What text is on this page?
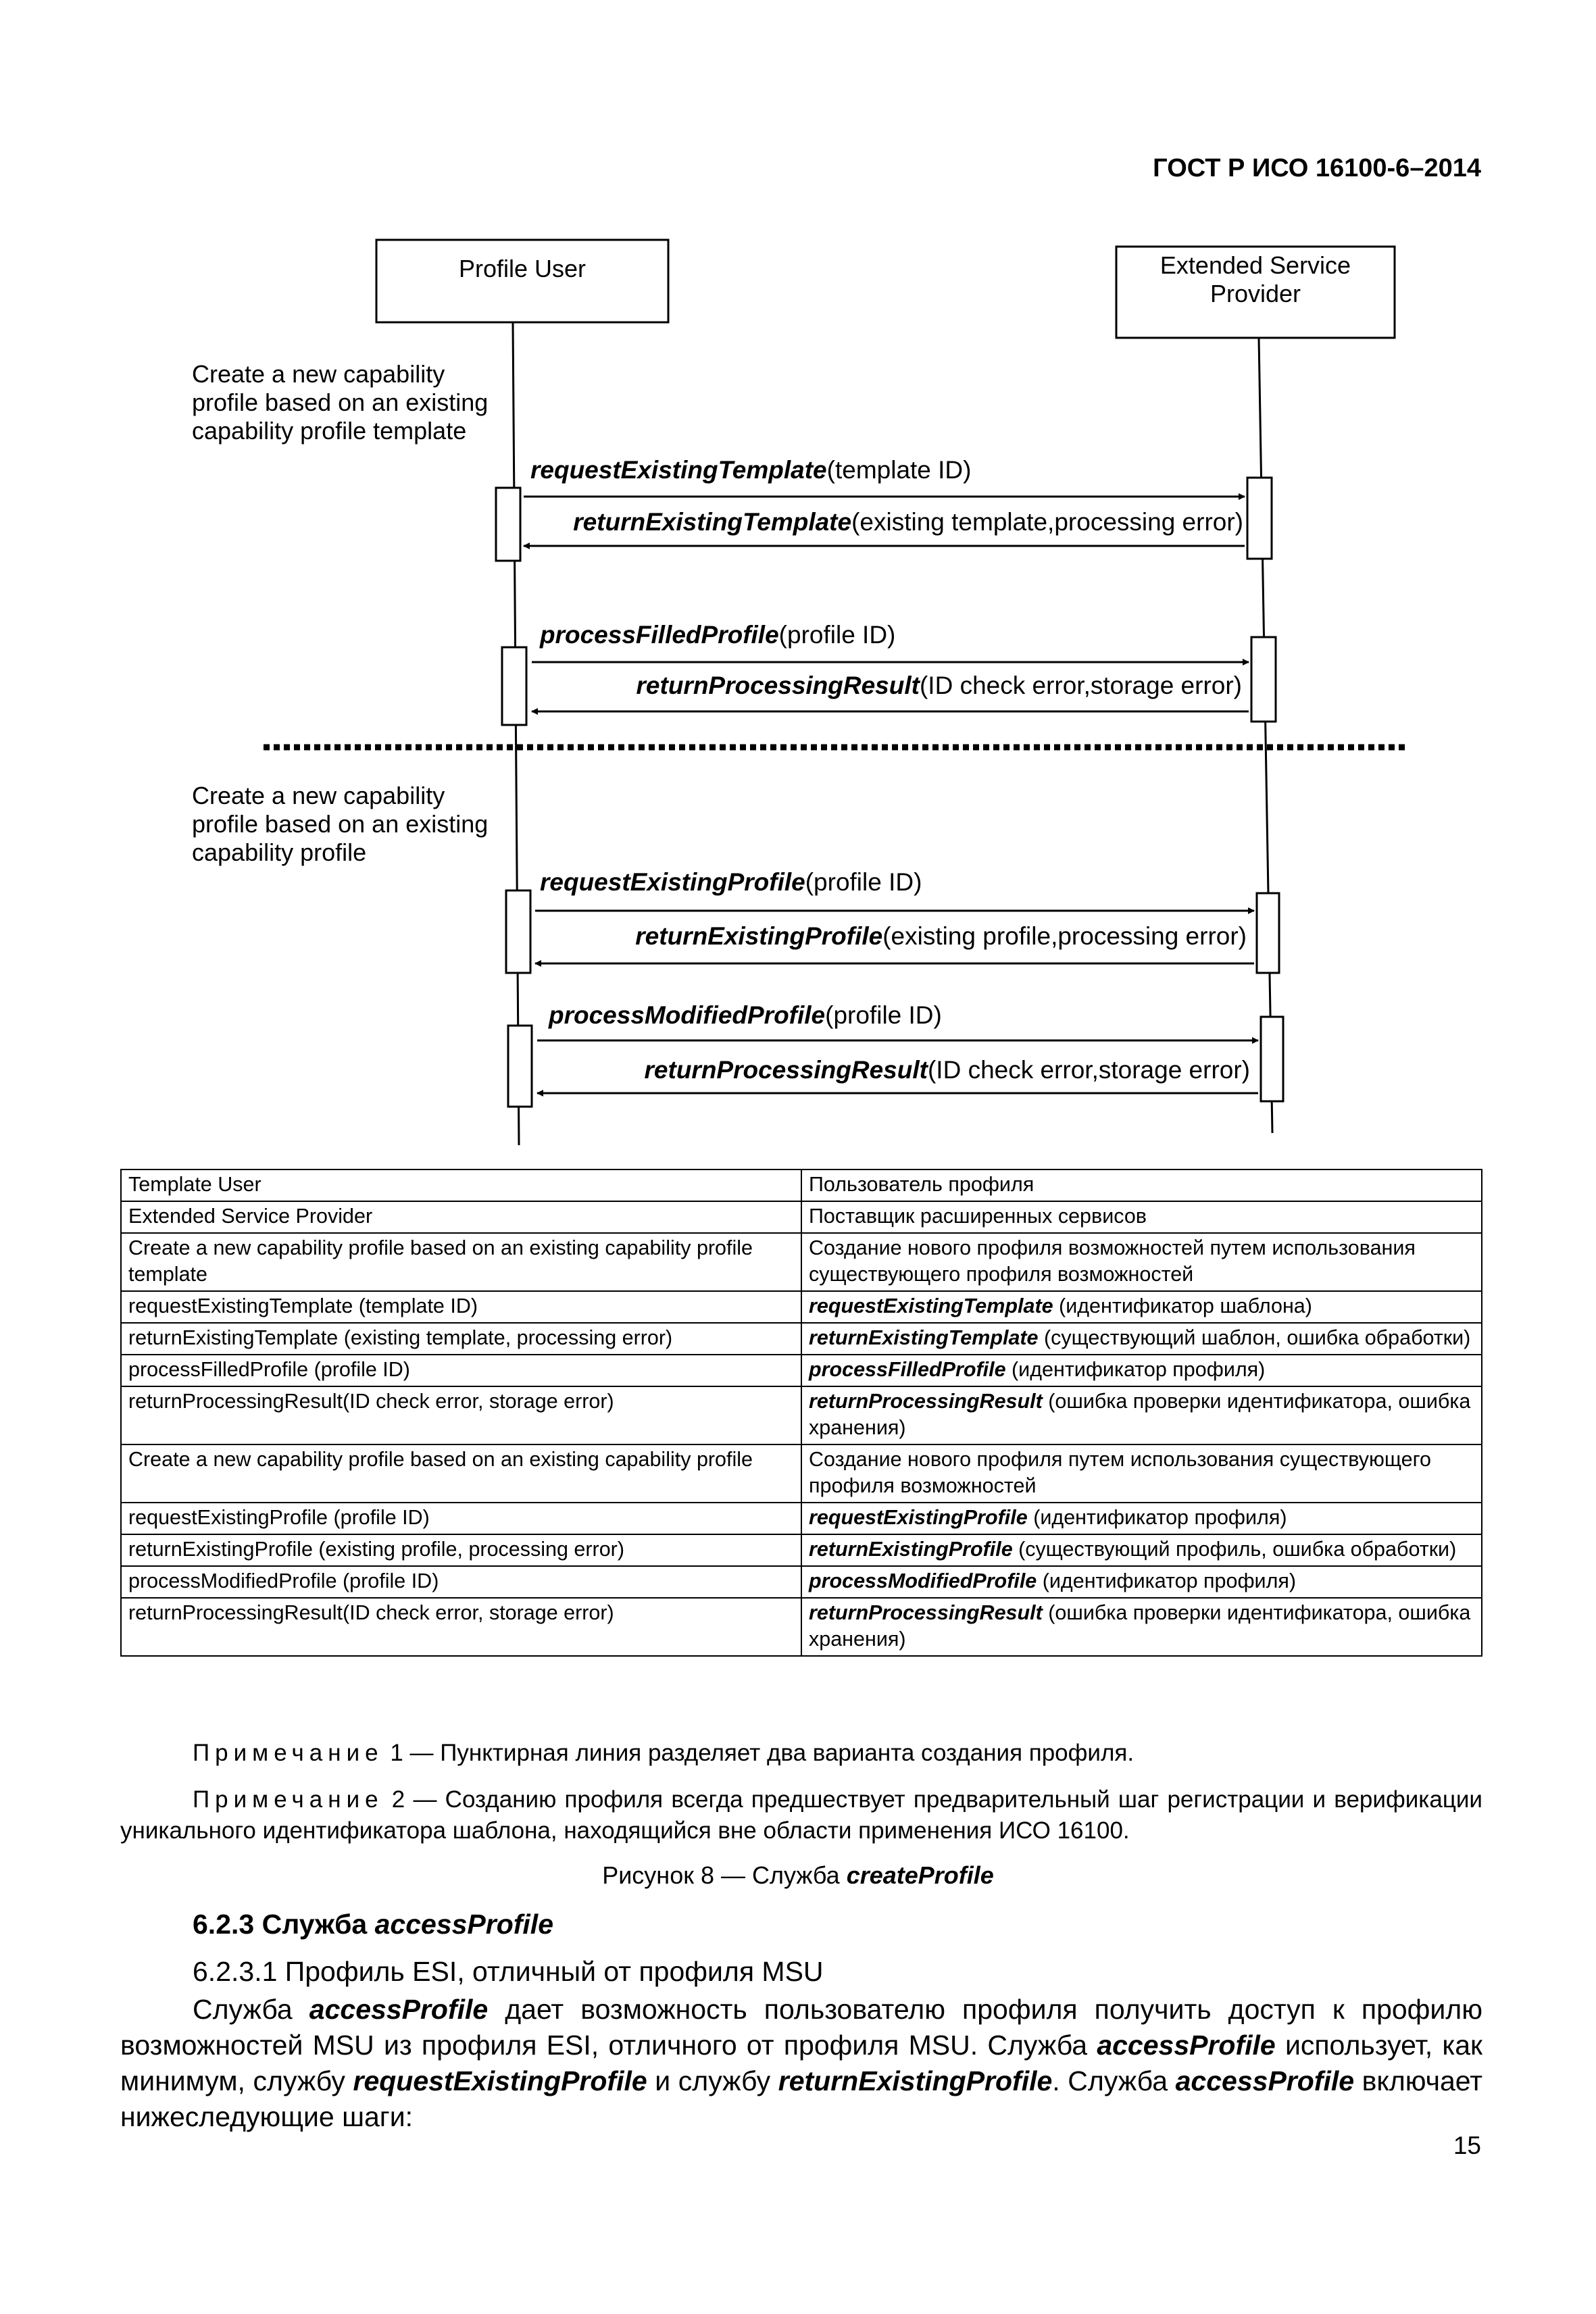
ГОСТ Р ИСО 16100-6–2014
Profile User	Extended Service
Provider
Create a new capability
profile based on an existing
capability profile template
requestExistingTemplate(template ID)
returnExistingTemplate(existing template,processing error)
processFilledProfile(profile ID)
returnProcessingResult(ID check error,storage error)
Create a new capability
profile based on an existing
capability profile
requestExistingProfile(profile ID)
returnExistingProfile(existing profile,processing error)
processModifiedProfile(profile ID)
returnProcessingResult(ID check error,storage error)
Template User	Пользователь профиля
Extended Service Provider	Поставщик расширенных сервисов
Create a new capability profile based on an existing capability profile template	Создание нового профиля возможностей путем использования существующего профиля возможностей
requestExistingTemplate (template ID)	requestExistingTemplate (идентификатор шаблона)
returnExistingTemplate (existing template, processing error)	returnExistingTemplate (существующий шаблон, ошибка обработки)
processFilledProfile (profile ID)	processFilledProfile (идентификатор профиля)
returnProcessingResult(ID check error, storage error)	returnProcessingResult (ошибка проверки идентификатора, ошибка хранения)
Create a new capability profile based on an existing capability profile	Создание нового профиля путем использования существующего профиля возможностей
requestExistingProfile (profile ID)	requestExistingProfile (идентификатор профиля)
returnExistingProfile (existing profile, processing error)	returnExistingProfile (существующий профиль, ошибка обработки)
processModifiedProfile (profile ID)	processModifiedProfile (идентификатор профиля)
returnProcessingResult(ID check error, storage error)	returnProcessingResult (ошибка проверки идентификатора, ошибка хранения)
Примечание 1 — Пунктирная линия разделяет два варианта создания профиля.
Примечание 2 — Созданию профиля всегда предшествует предварительный шаг регистрации и верификации уникального идентификатора шаблона, находящийся вне области применения ИСО 16100.
Рисунок 8 — Служба createProfile
6.2.3 Служба accessProfile
6.2.3.1 Профиль ESI, отличный от профиля MSU

Служба accessProfile дает возможность пользователю профиля получить доступ к профилю возможностей MSU из профиля ESI, отличного от профиля MSU. Служба accessProfile использует, как минимум, службу requestExistingProfile и службу returnExistingProfile. Служба accessProfile включает нижеследующие шаги:

15
